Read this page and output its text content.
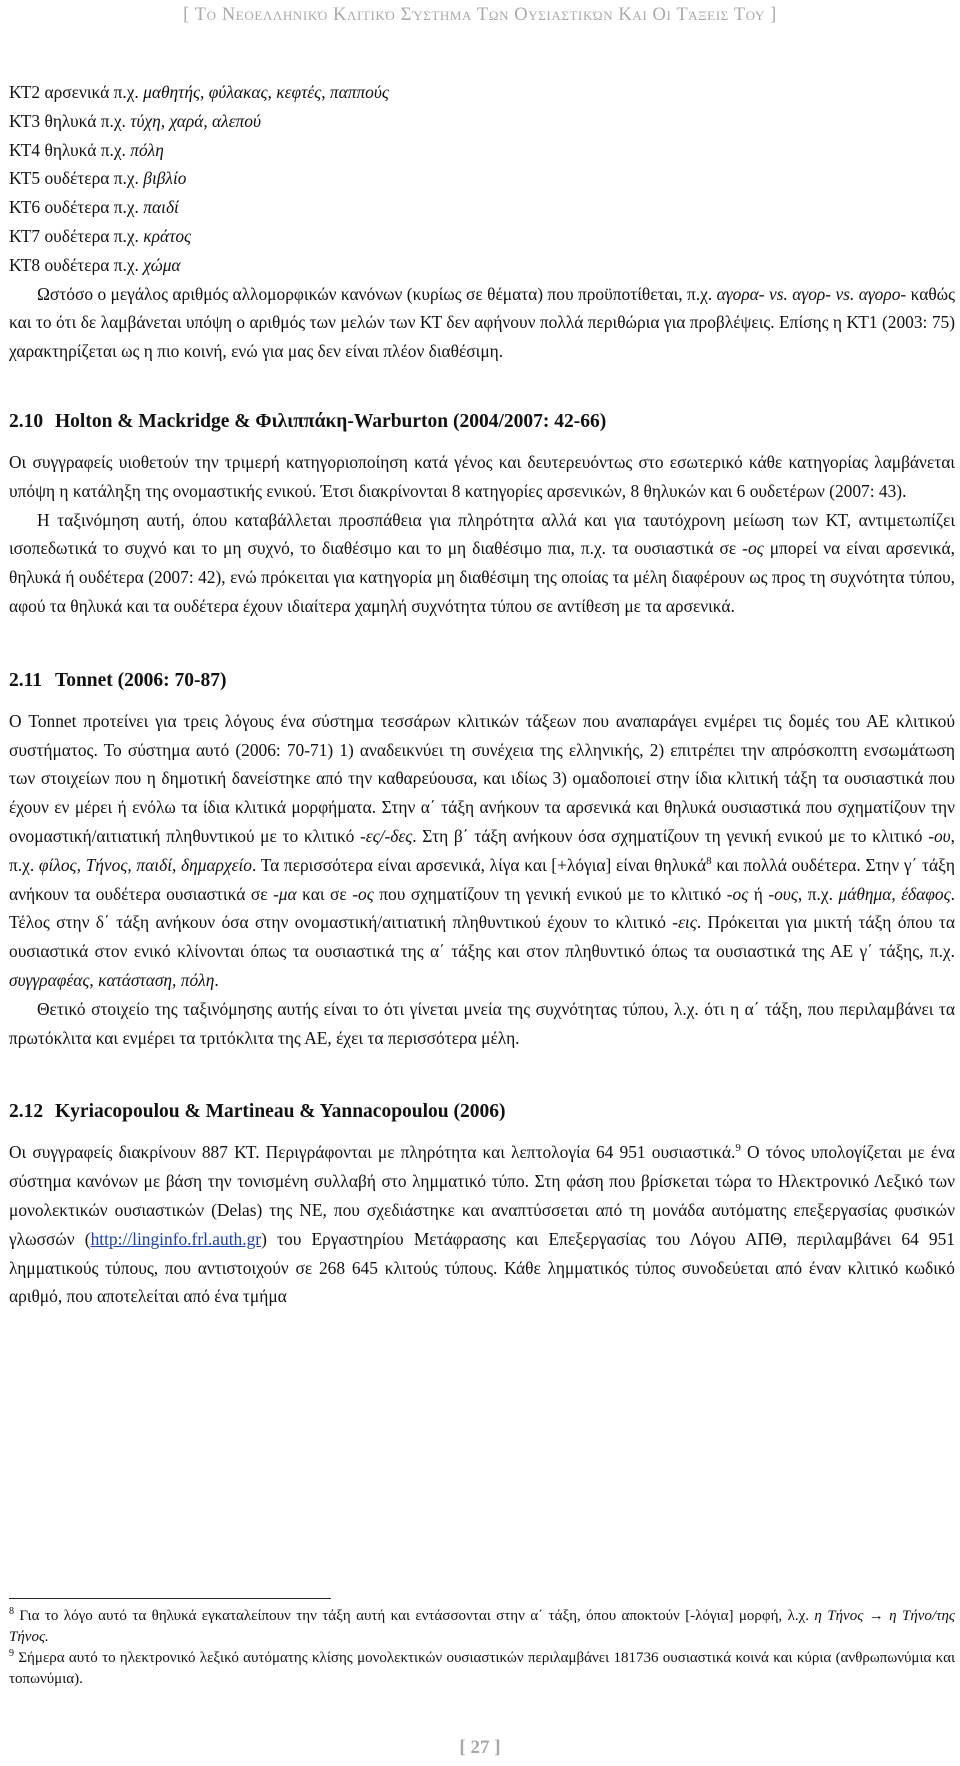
[ Το Νεοελληνικό Κλιτικό Σύστημα Των Ουσιαστικών Και Οι Τάξεις Του ]
ΚΤ2 αρσενικά π.χ. μαθητής, φύλακας, κεφτές, παππούς
ΚΤ3 θηλυκά π.χ. τύχη, χαρά, αλεπού
ΚΤ4 θηλυκά π.χ. πόλη
ΚΤ5 ουδέτερα π.χ. βιβλίο
ΚΤ6 ουδέτερα π.χ. παιδί
ΚΤ7 ουδέτερα π.χ. κράτος
ΚΤ8 ουδέτερα π.χ. χώμα

Ωστόσο ο μεγάλος αριθμός αλλομορφικών κανόνων (κυρίως σε θέματα) που προϋποτίθεται, π.χ. αγορα- vs. αγορ- vs. αγορο- καθώς και το ότι δε λαμβάνεται υπόψη ο αριθμός των μελών των ΚΤ δεν αφήνουν πολλά περιθώρια για προβλέψεις. Επίσης η ΚΤ1 (2003: 75) χαρακτηρίζεται ως η πιο κοινή, ενώ για μας δεν είναι πλέον διαθέσιμη.

2.10 Holton & Mackridge & Φιλιππάκη-Warburton (2004/2007: 42-66)

Οι συγγραφείς υιοθετούν την τριμερή κατηγοριοποίηση κατά γένος και δευτερευόντως στο εσωτερικό κάθε κατηγορίας λαμβάνεται υπόψη η κατάληξη της ονομαστικής ενικού. Έτσι διακρίνονται 8 κατηγορίες αρσενικών, 8 θηλυκών και 6 ουδετέρων (2007: 43).

Η ταξινόμηση αυτή, όπου καταβάλλεται προσπάθεια για πληρότητα αλλά και για ταυτόχρονη μείωση των ΚΤ, αντιμετωπίζει ισοπεδωτικά το συχνό και το μη συχνό, το διαθέσιμο και το μη διαθέσιμο πια, π.χ. τα ουσιαστικά σε -ος μπορεί να είναι αρσενικά, θηλυκά ή ουδέτερα (2007: 42), ενώ πρόκειται για κατηγορία μη διαθέσιμη της οποίας τα μέλη διαφέρουν ως προς τη συχνότητα τύπου, αφού τα θηλυκά και τα ουδέτερα έχουν ιδιαίτερα χαμηλή συχνότητα τύπου σε αντίθεση με τα αρσενικά.

2.11 Tonnet (2006: 70-87)

Ο Tonnet προτείνει για τρεις λόγους ένα σύστημα τεσσάρων κλιτικών τάξεων που αναπαράγει ενμέρει τις δομές του ΑΕ κλιτικού συστήματος. Το σύστημα αυτό (2006: 70-71) 1) αναδεικνύει τη συνέχεια της ελληνικής, 2) επιτρέπει την απρόσκοπτη ενσωμάτωση των στοιχείων που η δημοτική δανείστηκε από την καθαρεύουσα, και ιδίως 3) ομαδοποιεί στην ίδια κλιτική τάξη τα ουσιαστικά που έχουν εν μέρει ή ενόλω τα ίδια κλιτικά μορφήματα. Στην α΄ τάξη ανήκουν τα αρσενικά και θηλυκά ουσιαστικά που σχηματίζουν την ονομαστική/αιτιατική πληθυντικού με το κλιτικό -ες/-δες. Στη β΄ τάξη ανήκουν όσα σχηματίζουν τη γενική ενικού με το κλιτικό -ου, π.χ. φίλος, Τήνος, παιδί, δημαρχείο. Τα περισσότερα είναι αρσενικά, λίγα και [+λόγια] είναι θηλυκά$^8$ και πολλά ουδέτερα. Στην γ΄ τάξη ανήκουν τα ουδέτερα ουσιαστικά σε -μα και σε -ος που σχηματίζουν τη γενική ενικού με το κλιτικό -ος ή -ους, π.χ. μάθημα, έδαφος. Τέλος στην δ΄ τάξη ανήκουν όσα στην ονομαστική/αιτιατική πληθυντικού έχουν το κλιτικό -εις. Πρόκειται για μικτή τάξη όπου τα ουσιαστικά στον ενικό κλίνονται όπως τα ουσιαστικά της α΄ τάξης και στον πληθυντικό όπως τα ουσιαστικά της ΑΕ γ΄ τάξης, π.χ. συγγραφέας, κατάσταση, πόλη.

Θετικό στοιχείο της ταξινόμησης αυτής είναι το ότι γίνεται μνεία της συχνότητας τύπου, λ.χ. ότι η α΄ τάξη, που περιλαμβάνει τα πρωτόκλιτα και ενμέρει τα τριτόκλιτα της ΑΕ, έχει τα περισσότερα μέλη.

2.12 Kyriacopoulou & Martineau & Yannacopoulou (2006)

Οι συγγραφείς διακρίνουν 887 ΚΤ. Περιγράφονται με πληρότητα και λεπτολογία 64 951 ουσιαστικά.$^9$ Ο τόνος υπολογίζεται με ένα σύστημα κανόνων με βάση την τονισμένη συλλαβή στο λημματικό τύπο. Στη φάση που βρίσκεται τώρα το Ηλεκτρονικό Λεξικό των μονολεκτικών ουσιαστικών (Delas) της ΝΕ, που σχεδιάστηκε και αναπτύσσεται από τη μονάδα αυτόματης επεξεργασίας φυσικών γλωσσών (http://linginfo.frl.auth.gr) του Εργαστηρίου Μετάφρασης και Επεξεργασίας του Λόγου ΑΠΘ, περιλαμβάνει 64 951 λημματικούς τύπους, που αντιστοιχούν σε 268 645 κλιτούς τύπους. Κάθε λημματικός τύπος συνοδεύεται από έναν κλιτικό κωδικό αριθμό, που αποτελείται από ένα τμήμα

$^8$ Για το λόγο αυτό τα θηλυκά εγκαταλείπουν την τάξη αυτή και εντάσσονται στην α΄ τάξη, όπου αποκτούν [-λόγια] μορφή, λ.χ. η Τήνος → η Τήνο/της Τήνος.

$^9$ Σήμερα αυτό το ηλεκτρονικό λεξικό αυτόματης κλίσης μονολεκτικών ουσιαστικών περιλαμβάνει 181736 ουσιαστικά κοινά και κύρια (ανθρωπωνύμια και τοπωνύμια).

[ 27 ]
